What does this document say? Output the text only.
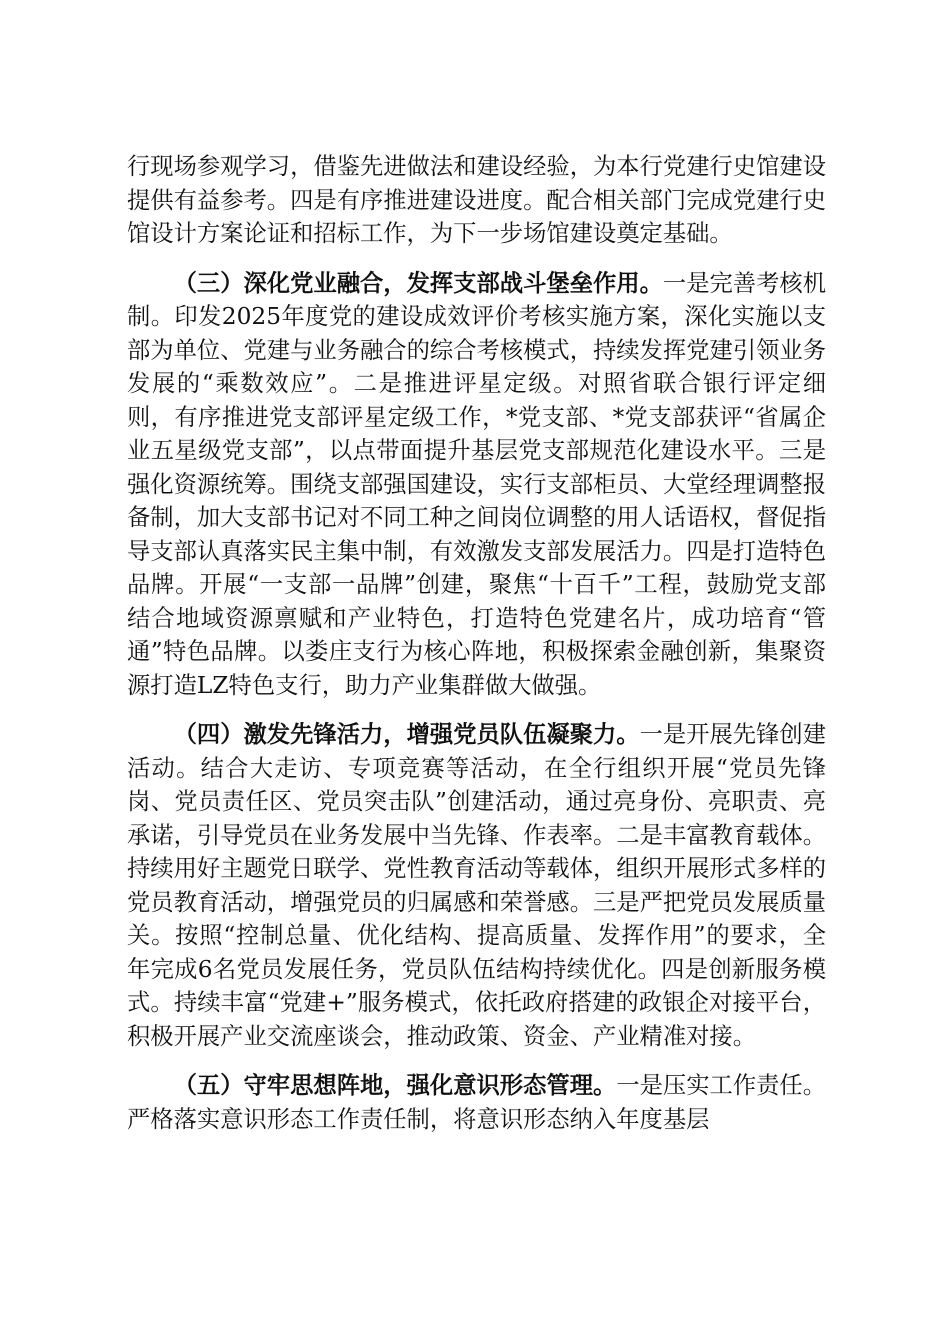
行现场参观学习，借鉴先进做法和建设经验，为本行党建行史馆建设提供有益参考。四是有序推进建设进度。配合相关部门完成党建行史馆设计方案论证和招标工作，为下一步场馆建设奠定基础。

（三）深化党业融合，发挥支部战斗堡垒作用。一是完善考核机制。印发2025年度党的建设成效评价考核实施方案，深化实施以支部为单位、党建与业务融合的综合考核模式，持续发挥党建引领业务发展的“乘数效应”。二是推进评星定级。对照省联合银行评定细则，有序推进党支部评星定级工作，*党支部、*党支部获评“省属企业五星级党支部”，以点带面提升基层党支部规范化建设水平。三是强化资源统筹。围绕支部强国建设，实行支部柜员、大堂经理调整报备制，加大支部书记对不同工种之间岗位调整的用人话语权，督促指导支部认真落实民主集中制，有效激发支部发展活力。四是打造特色品牌。开展“一支部一品牌”创建，聚焦“十百千”工程，鼓励党支部结合地域资源禀赋和产业特色，打造特色党建名片，成功培育“管通”特色品牌。以娄庄支行为核心阵地，积极探索金融创新，集聚资源打造LZ特色支行，助力产业集群做大做强。

（四）激发先锋活力，增强党员队伍凝聚力。一是开展先锋创建活动。结合大走访、专项竞赛等活动，在全行组织开展“党员先锋岗、党员责任区、党员突击队”创建活动，通过亮身份、亮职责、亮承诺，引导党员在业务发展中当先锋、作表率。二是丰富教育载体。持续用好主题党日联学、党性教育活动等载体，组织开展形式多样的党员教育活动，增强党员的归属感和荣誉感。三是严把党员发展质量关。按照“控制总量、优化结构、提高质量、发挥作用”的要求，全年完成6名党员发展任务，党员队伍结构持续优化。四是创新服务模式。持续丰富“党建+”服务模式，依托政府搭建的政银企对接平台，积极开展产业交流座谈会，推动政策、资金、产业精准对接。

（五）守牢思想阵地，强化意识形态管理。一是压实工作责任。严格落实意识形态工作责任制，将意识形态纳入年度基层
